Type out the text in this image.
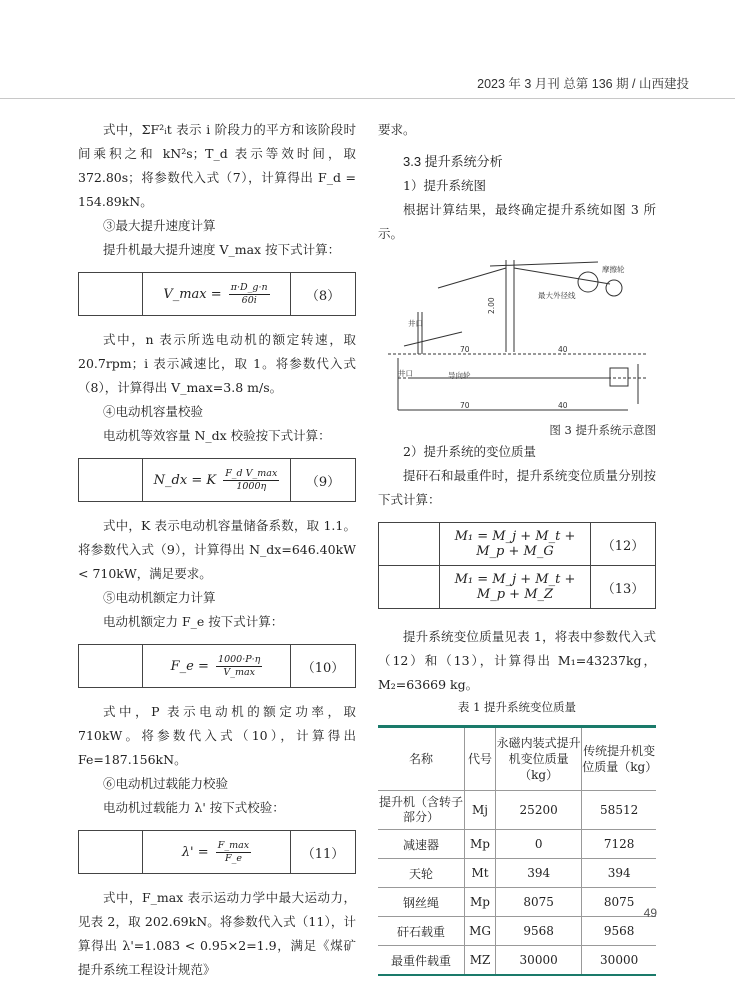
2023 年 3 月刊 总第 136 期 / 山西建投

式中，ΣF²ᵢt 表示 i 阶段力的平方和该阶段时间乘积之和 kN²s；T_d 表示等效时间，取 372.80s；将参数代入式（7），计算得出 F_d = 154.89kN。

③最大提升速度计算

提升机最大提升速度 V_max 按下式计算：

	V_max = $\frac{\pi\cdot D\_g\cdot n}{60i}$	（8）

式中，n 表示所选电动机的额定转速，取 20.7rpm；i 表示减速比，取 1。将参数代入式（8），计算得出 V_max=3.8 m/s。

④电动机容量校验

电动机等效容量 N_dx 校验按下式计算：

	N_dx = K $\frac{\text{F\_d V\_max}}{1000\eta}$	（9）

式中，K 表示电动机容量储备系数，取 1.1。将参数代入式（9），计算得出 N_dx=646.40kW < 710kW，满足要求。

⑤电动机额定力计算

电动机额定力 F_e 按下式计算：

	F_e = $\frac{1000\cdot P\cdot\eta}{V\_\max}$	（10）

式中，P 表示电动机的额定功率，取 710kW。将参数代入式（10），计算得出 Fe=187.156kN。

⑥电动机过载能力校验

电动机过载能力 λ' 按下式校验：

	$\lambda' = \frac{F\_\max}{F\_e}$	（11）

式中，F_max 表示运动力学中最大运动力，见表 2，取 202.69kN。将参数代入式（11），计算得出 λ'=1.083 < 0.95×2=1.9，满足《煤矿提升系统工程设计规范》

要求。

3.3 提升系统分析

1）提升系统图

根据计算结果，最终确定提升系统如图 3 所示。

井口
井口	导向轮
最大外径线
摩擦轮
2.00
70	40
70	40
图 3 提升系统示意图

2）提升系统的变位质量

提矸石和最重件时，提升系统变位质量分别按下式计算：

	M₁ = M_j + M_t + M_p + M_G	（12）
	M₁ = M_j + M_t + M_p + M_Z	（13）

提升系统变位质量见表 1，将表中参数代入式（12）和（13），计算得出 M₁=43237kg，M₂=63669 kg。

表 1 提升系统变位质量
名称	代号	永磁内装式提升机变位质量（kg）	传统提升机变位质量（kg）
提升机（含转子部分）	Mj	25200	58512
减速器	Mp	0	7128
天轮	Mt	394	394
钢丝绳	Mp	8075	8075
矸石载重	MG	9568	9568
最重件载重	MZ	30000	30000
49
